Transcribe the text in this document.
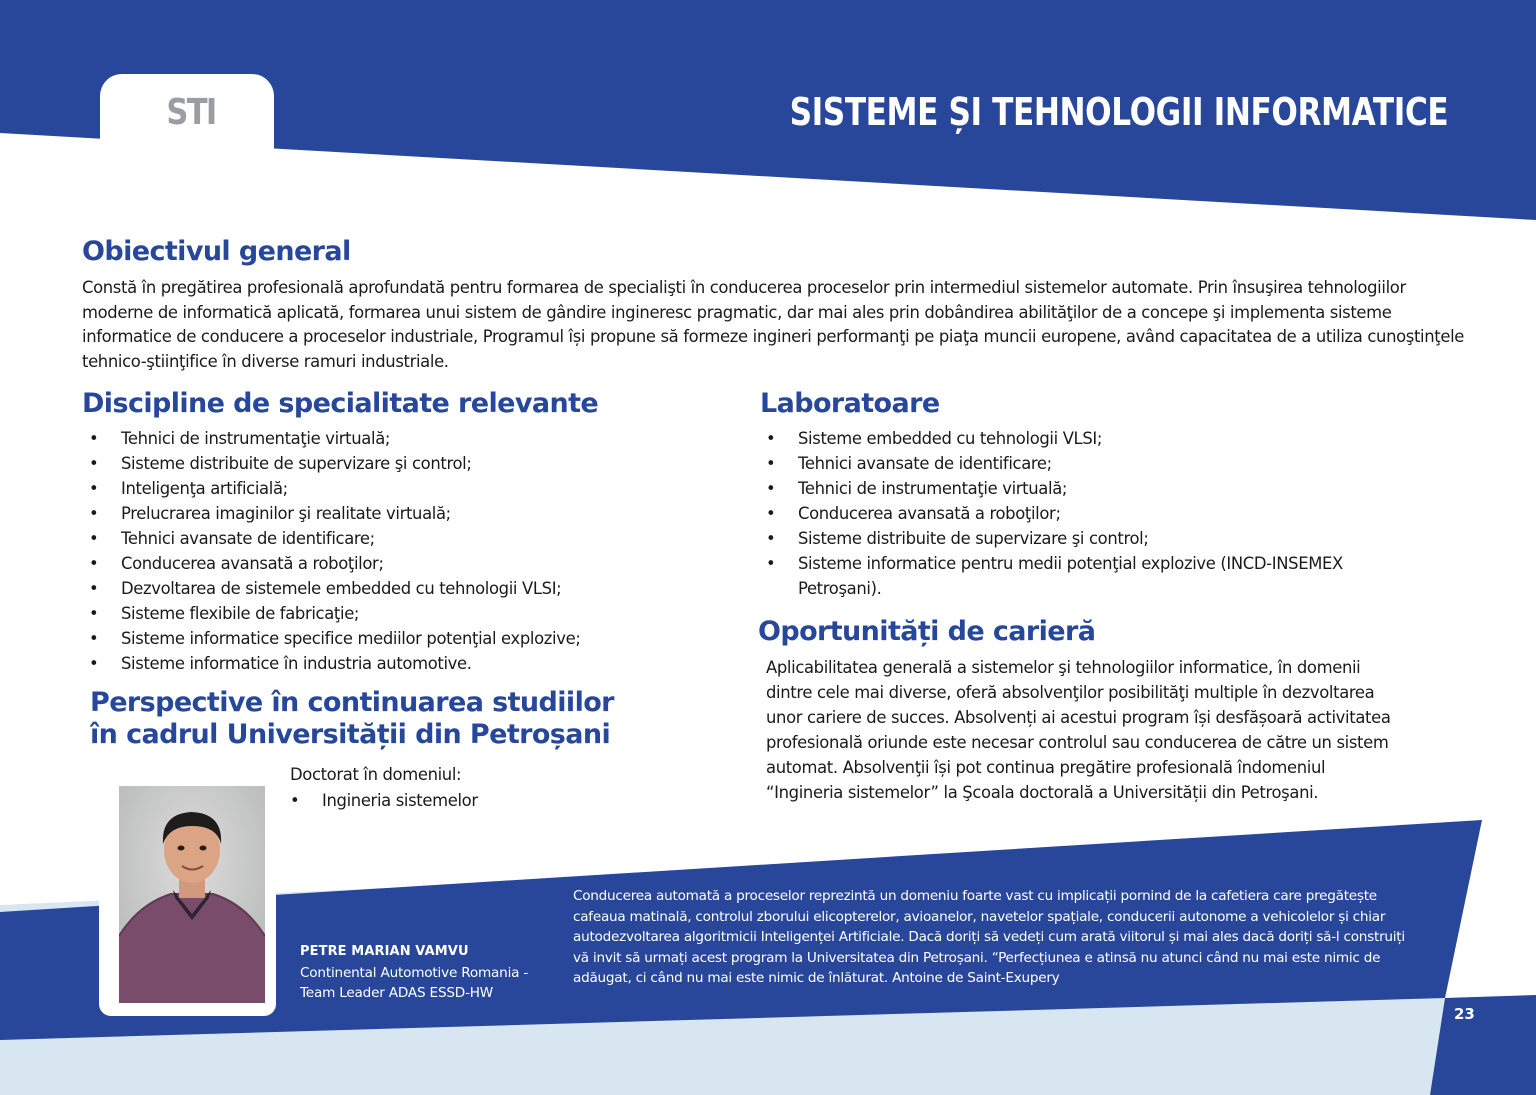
STI	SISTEME ȘI TEHNOLOGII INFORMATICE
Obiectivul general
Constă în pregătirea profesională aprofundată pentru formarea de specialişti în conducerea proceselor prin intermediul sistemelor automate. Prin însuşirea tehnologiilor moderne de informatică aplicată, formarea unui sistem de gândire ingineresc pragmatic, dar mai ales prin dobândirea abilităţilor de a concepe şi implementa sisteme informatice de conducere a proceselor industriale, Programul își propune să formeze ingineri performanţi pe piaţa muncii europene, având capacitatea de a utiliza cunoştinţele tehnico-ştiinţifice în diverse ramuri industriale.
Discipline de specialitate relevante
• Tehnici de instrumentaţie virtuală;
• Sisteme distribuite de supervizare şi control;
• Inteligenţa artificială;
• Prelucrarea imaginilor şi realitate virtuală;
• Tehnici avansate de identificare;
• Conducerea avansată a roboţilor;
• Dezvoltarea de sistemele embedded cu tehnologii VLSI;
• Sisteme flexibile de fabricaţie;
• Sisteme informatice specifice mediilor potenţial explozive;
• Sisteme informatice în industria automotive.
Perspective în continuarea studiilor
în cadrul Universității din Petroșani
Doctorat în domeniul:
• Ingineria sistemelor
Laboratoare
• Sisteme embedded cu tehnologii VLSI;
• Tehnici avansate de identificare;
• Tehnici de instrumentaţie virtuală;
• Conducerea avansată a roboţilor;
• Sisteme distribuite de supervizare şi control;
• Sisteme informatice pentru medii potenţial explozive (INCD-INSEMEX Petroşani).
Oportunități de carieră
Aplicabilitatea generală a sistemelor şi tehnologiilor informatice, în domenii dintre cele mai diverse, oferă absolvenţilor posibilităţi multiple în dezvoltarea unor cariere de succes. Absolvenți ai acestui program își desfășoară activitatea profesională oriunde este necesar controlul sau conducerea de către un sistem automat. Absolvenţii își pot continua pregătire profesională îndomeniul “Ingineria sistemelor” la Şcoala doctorală a Universității din Petroşani.
PETRE MARIAN VAMVU
Continental Automotive Romania - Team Leader ADAS ESSD-HW
Conducerea automată a proceselor reprezintă un domeniu foarte vast cu implicații pornind de la cafetiera care pregătește cafeaua matinală, controlul zborului elicopterelor, avioanelor, navetelor spațiale, conducerii autonome a vehicolelor și chiar autodezvoltarea algoritmicii Inteligenței Artificiale. Dacă doriți să vedeți cum arată viitorul și mai ales dacă doriți să-l construiți vă invit să urmați acest program la Universitatea din Petroșani. “Perfecțiunea e atinsă nu atunci când nu mai este nimic de adăugat, ci când nu mai este nimic de înlăturat. Antoine de Saint-Exupery
23
